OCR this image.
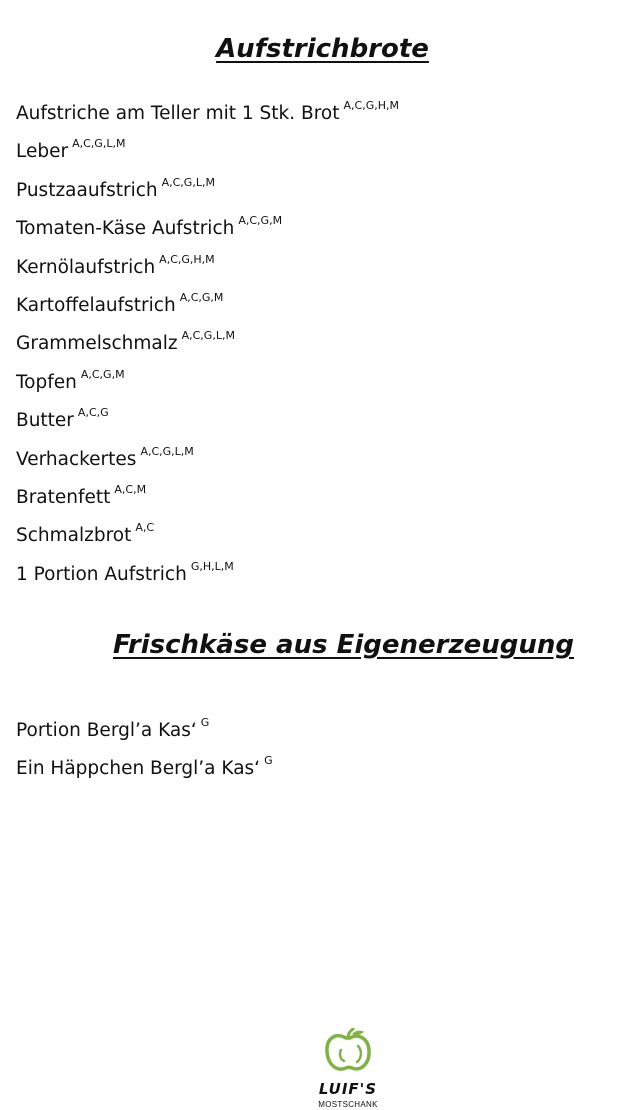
Aufstrichbrote
Aufstriche am Teller mit 1 Stk. Brot $^{A,C,G,H,M}$
Leber $^{A,C,G,L,M}$
Pustzaaufstrich $^{A,C,G,L,M}$
Tomaten-Käse Aufstrich $^{A,C,G,M}$
Kernölaufstrich $^{A,C,G,H,M}$
Kartoffelaufstrich $^{A,C,G,M}$
Grammelschmalz $^{A,C,G,L,M}$
Topfen $^{A,C,G,M}$
Butter $^{A,C,G}$
Verhackertes $^{A,C,G,L,M}$
Bratenfett $^{A,C,M}$
Schmalzbrot $^{A,C}$
1 Portion Aufstrich $^{G,H,L,M}$
Frischkäse aus Eigenerzeugung
Portion Bergl’a Kas‘ $^G$
Ein Häppchen Bergl’a Kas‘ $^G$
LUIF'S
MOSTSCHANK
